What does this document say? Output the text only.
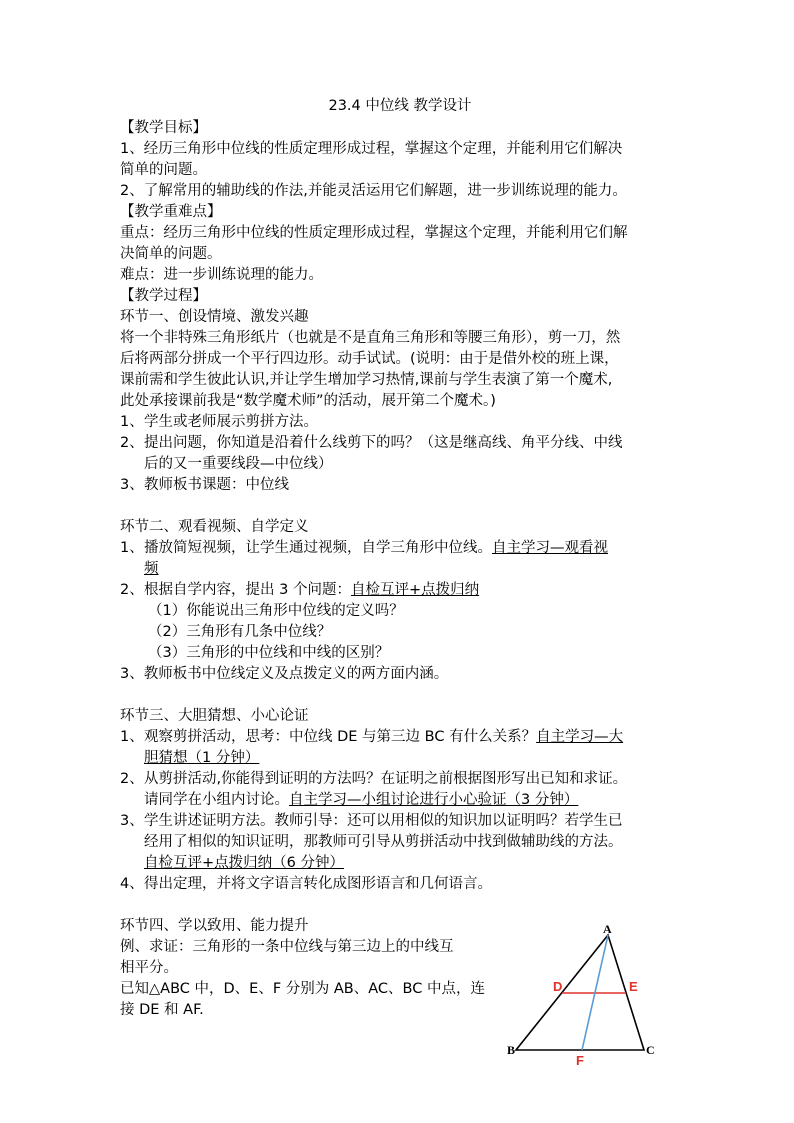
23.4 中位线 教学设计
【教学目标】
1、经历三角形中位线的性质定理形成过程，掌握这个定理，并能利用它们解决
简单的问题。
2、了解常用的辅助线的作法,并能灵活运用它们解题，进一步训练说理的能力。
【教学重难点】
重点：经历三角形中位线的性质定理形成过程，掌握这个定理，并能利用它们解
决简单的问题。
难点：进一步训练说理的能力。
【教学过程】
环节一、创设情境、激发兴趣
将一个非特殊三角形纸片（也就是不是直角三角形和等腰三角形），剪一刀，然
后将两部分拼成一个平行四边形。动手试试。(说明：由于是借外校的班上课，
课前需和学生彼此认识,并让学生增加学习热情,课前与学生表演了第一个魔术,
此处承接课前我是“数学魔术师”的活动，展开第二个魔术。)
1、 学生或老师展示剪拼方法。
2、 提出问题，你知道是沿着什么线剪下的吗？（这是继高线、角平分线、中线
后的又一重要线段—中位线）
3、 教师板书课题：中位线
环节二、观看视频、自学定义
1、 播放简短视频，让学生通过视频，自学三角形中位线。自主学习—观看视
频
2、 根据自学内容，提出 3 个问题：自检互评+点拨归纳
（1） 你能说出三角形中位线的定义吗？
（2） 三角形有几条中位线？
（3） 三角形的中位线和中线的区别？
3、教师板书中位线定义及点拨定义的两方面内涵。
环节三、大胆猜想、小心论证
1、 观察剪拼活动，思考：中位线 DE 与第三边 BC 有什么关系？自主学习—大
胆猜想（1 分钟）
2、 从剪拼活动,你能得到证明的方法吗？在证明之前根据图形写出已知和求证。
请同学在小组内讨论。自主学习—小组讨论进行小心验证（3 分钟）
3、 学生讲述证明方法。教师引导：还可以用相似的知识加以证明吗？若学生已
经用了相似的知识证明，那教师可引导从剪拼活动中找到做辅助线的方法。
自检互评+点拨归纳（6 分钟）
4、 得出定理，并将文字语言转化成图形语言和几何语言。
环节四、学以致用、能力提升
例、求证：三角形的一条中位线与第三边上的中线互
相平分。
已知△ABC 中，D、E、F 分别为 AB、AC、BC 中点，连
接 DE 和 AF.
A
B	C
D	E
F
